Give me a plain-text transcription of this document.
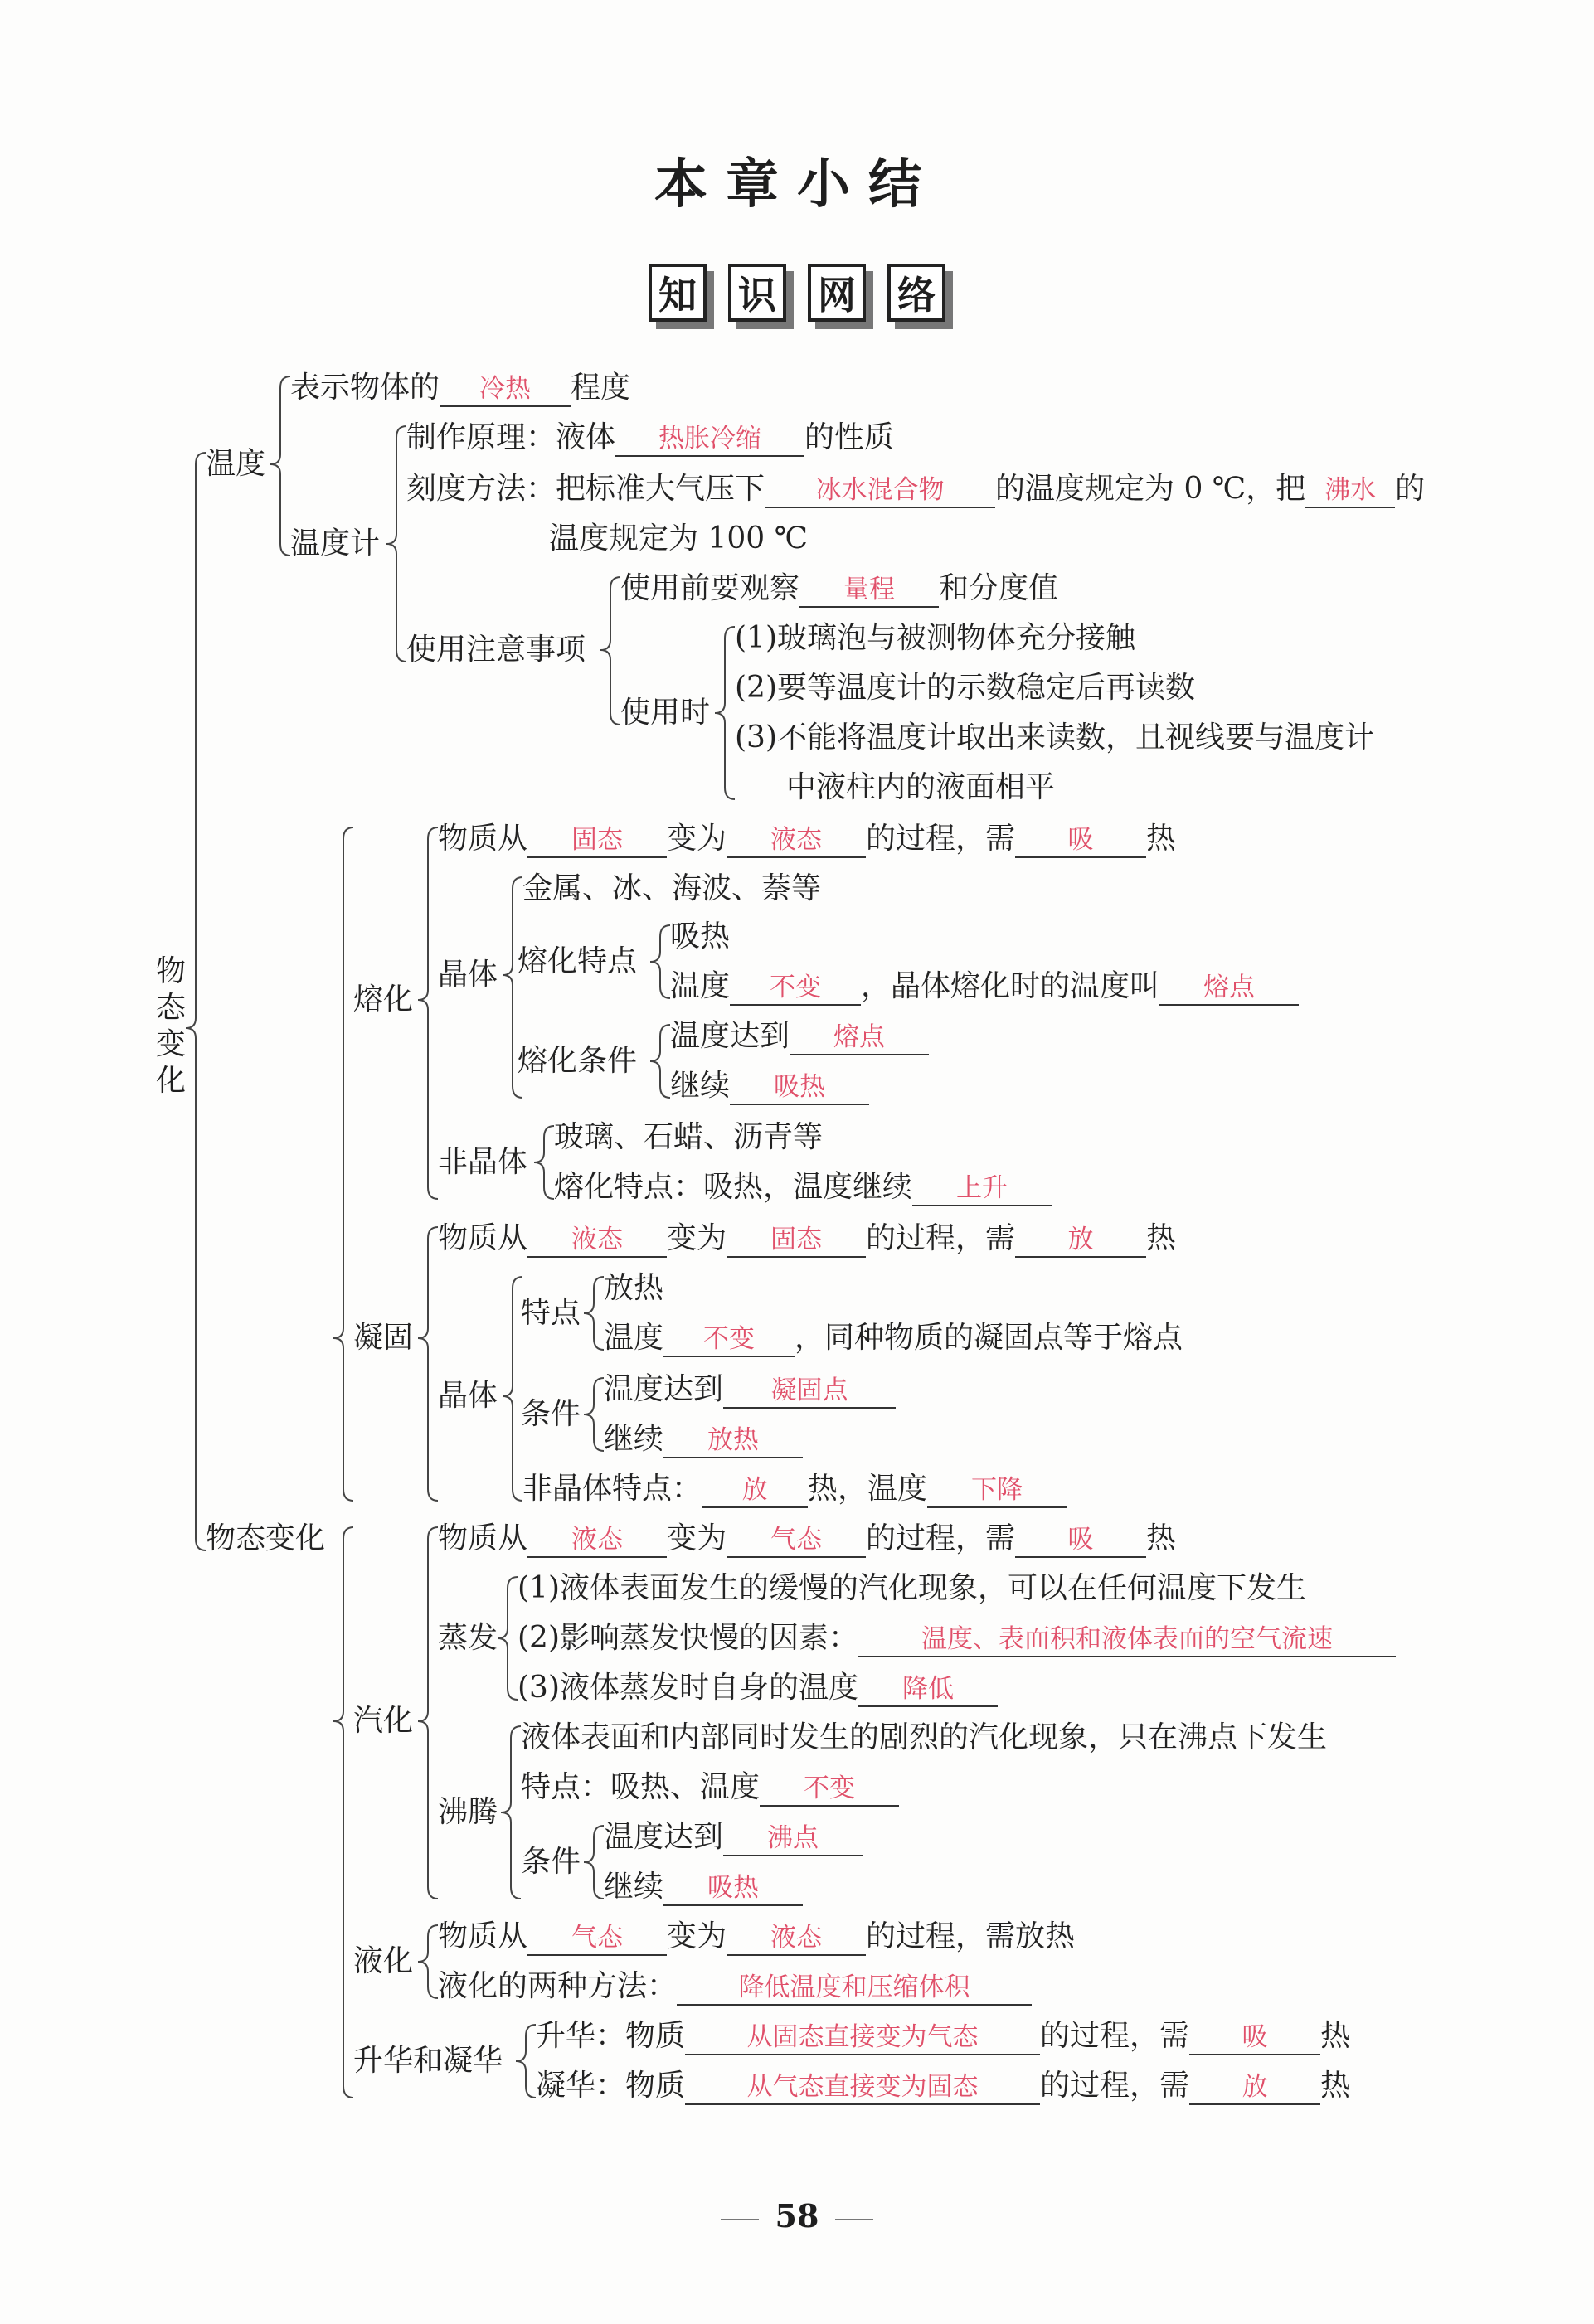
本章小结
知 识 网 络
物态变化
温度
温度计
使用注意事项
使用时
熔化
晶体 熔化特点
熔化条件
非晶体
凝固
晶体
特点
条件
物态变化
蒸发
汽化
沸腾
条件
液化
升华和凝华
表示物体的 冷热 程度
制作原理：液体 热胀冷缩 的性质
刻度方法：把标准大气压下 冰水混合物 的温度规定为 0 ℃，把 沸水 的
温度规定为 100 ℃
使用前要观察 量程 和分度值
(1)玻璃泡与被测物体充分接触
(2)要等温度计的示数稳定后再读数
(3)不能将温度计取出来读数，且视线要与温度计
中液柱内的液面相平
物质从 固态 变为 液态 的过程，需 吸 热
金属、冰、海波、萘等
吸热
温度 不变 ，晶体熔化时的温度叫 熔点
温度达到 熔点
继续 吸热
玻璃、石蜡、沥青等
熔化特点：吸热，温度继续 上升
物质从 液态 变为 固态 的过程，需 放 热
放热
温度 不变 ，同种物质的凝固点等于熔点
温度达到 凝固点
继续 放热
非晶体特点： 放 热，温度 下降
物质从 液态 变为 气态 的过程，需 吸 热
(1)液体表面发生的缓慢的汽化现象，可以在任何温度下发生
(2)影响蒸发快慢的因素： 温度、表面积和液体表面的空气流速
(3)液体蒸发时自身的温度 降低
液体表面和内部同时发生的剧烈的汽化现象，只在沸点下发生
特点：吸热、温度 不变
温度达到 沸点
继续 吸热
物质从 气态 变为 液态 的过程，需放热
液化的两种方法： 降低温度和压缩体积
升华：物质 从固态直接变为气态 的过程，需 吸 热
凝华：物质 从气态直接变为固态 的过程，需 放 热
58
